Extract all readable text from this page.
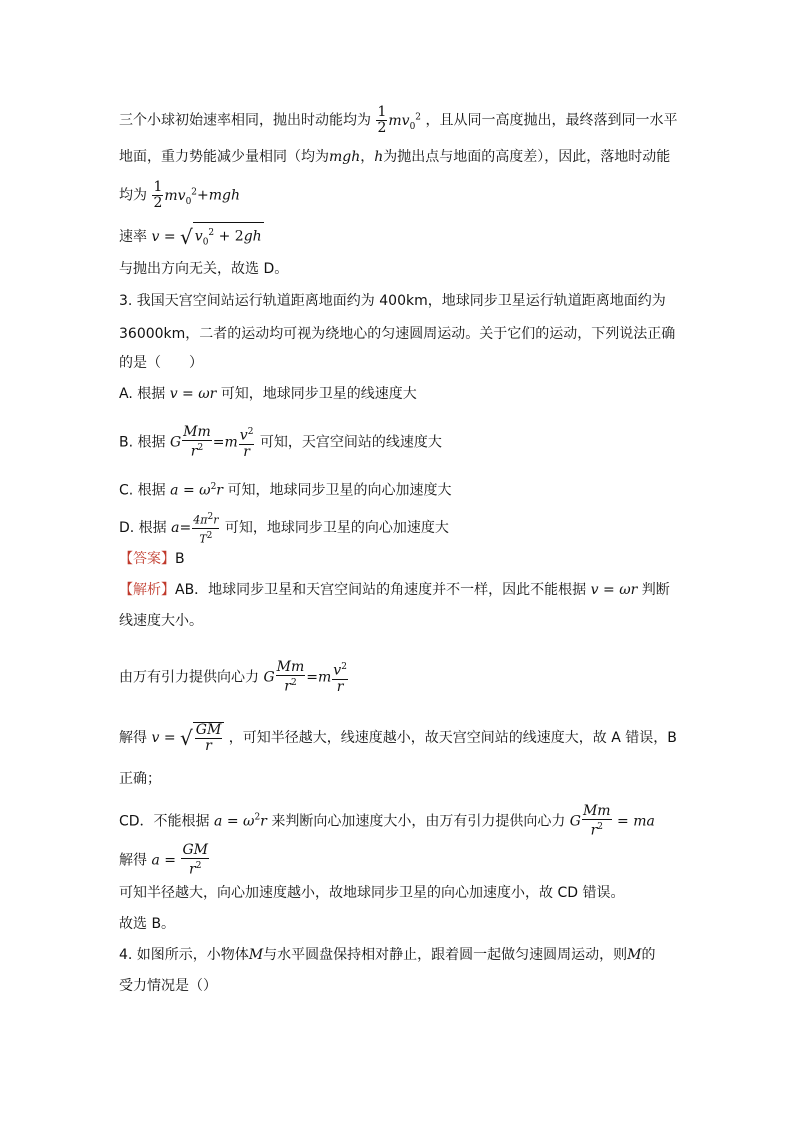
三个小球初始速率相同，抛出时动能均为 $\frac{1}{2} mv_0^2$ ，且从同一高度抛出，最终落到同一水平
地面，重力势能减少量相同（均为mgh，h为抛出点与地面的高度差），因此，落地时动能
均为 $\frac{1}{2} mv_0^2+mgh$
速率 v = √ $v_0^2 + 2gh$
与抛出方向无关，故选 D。
3. 我国天宫空间站运行轨道距离地面约为 400km，地球同步卫星运行轨道距离地面约为
36000km，二者的运动均可视为绕地心的匀速圆周运动。关于它们的运动，下列说法正确
的是（　　）
A. 根据 v = ωr 可知，地球同步卫星的线速度大
B. 根据 G $\frac{Mm}{r^2} =m \frac{v^2}{r}$ 可知，天宫空间站的线速度大
C. 根据 $a = \omega^2r$ 可知，地球同步卫星的向心加速度大
D. 根据 $a= \frac{4\pi^2r}{T^2}$ 可知，地球同步卫星的向心加速度大
【答案】B
【解析】AB．地球同步卫星和天宫空间站的角速度并不一样，因此不能根据 v = ωr 判断
线速度大小。
由万有引力提供向心力 G $\frac{Mm}{r^2} =m \frac{v^2}{r}$
解得 v = √ $\frac{GM}{r}$ ，可知半径越大，线速度越小，故天宫空间站的线速度大，故 A 错误，B
正确；
CD．不能根据 $a = \omega^2r$ 来判断向心加速度大小，由万有引力提供向心力 G $\frac{Mm}{r^2}$ = ma
解得 $a = \frac{GM}{r^2}$
可知半径越大，向心加速度越小，故地球同步卫星的向心加速度小，故 CD 错误。
故选 B。
4. 如图所示，小物体M与水平圆盘保持相对静止，跟着圆一起做匀速圆周运动，则M的
受力情况是（）
